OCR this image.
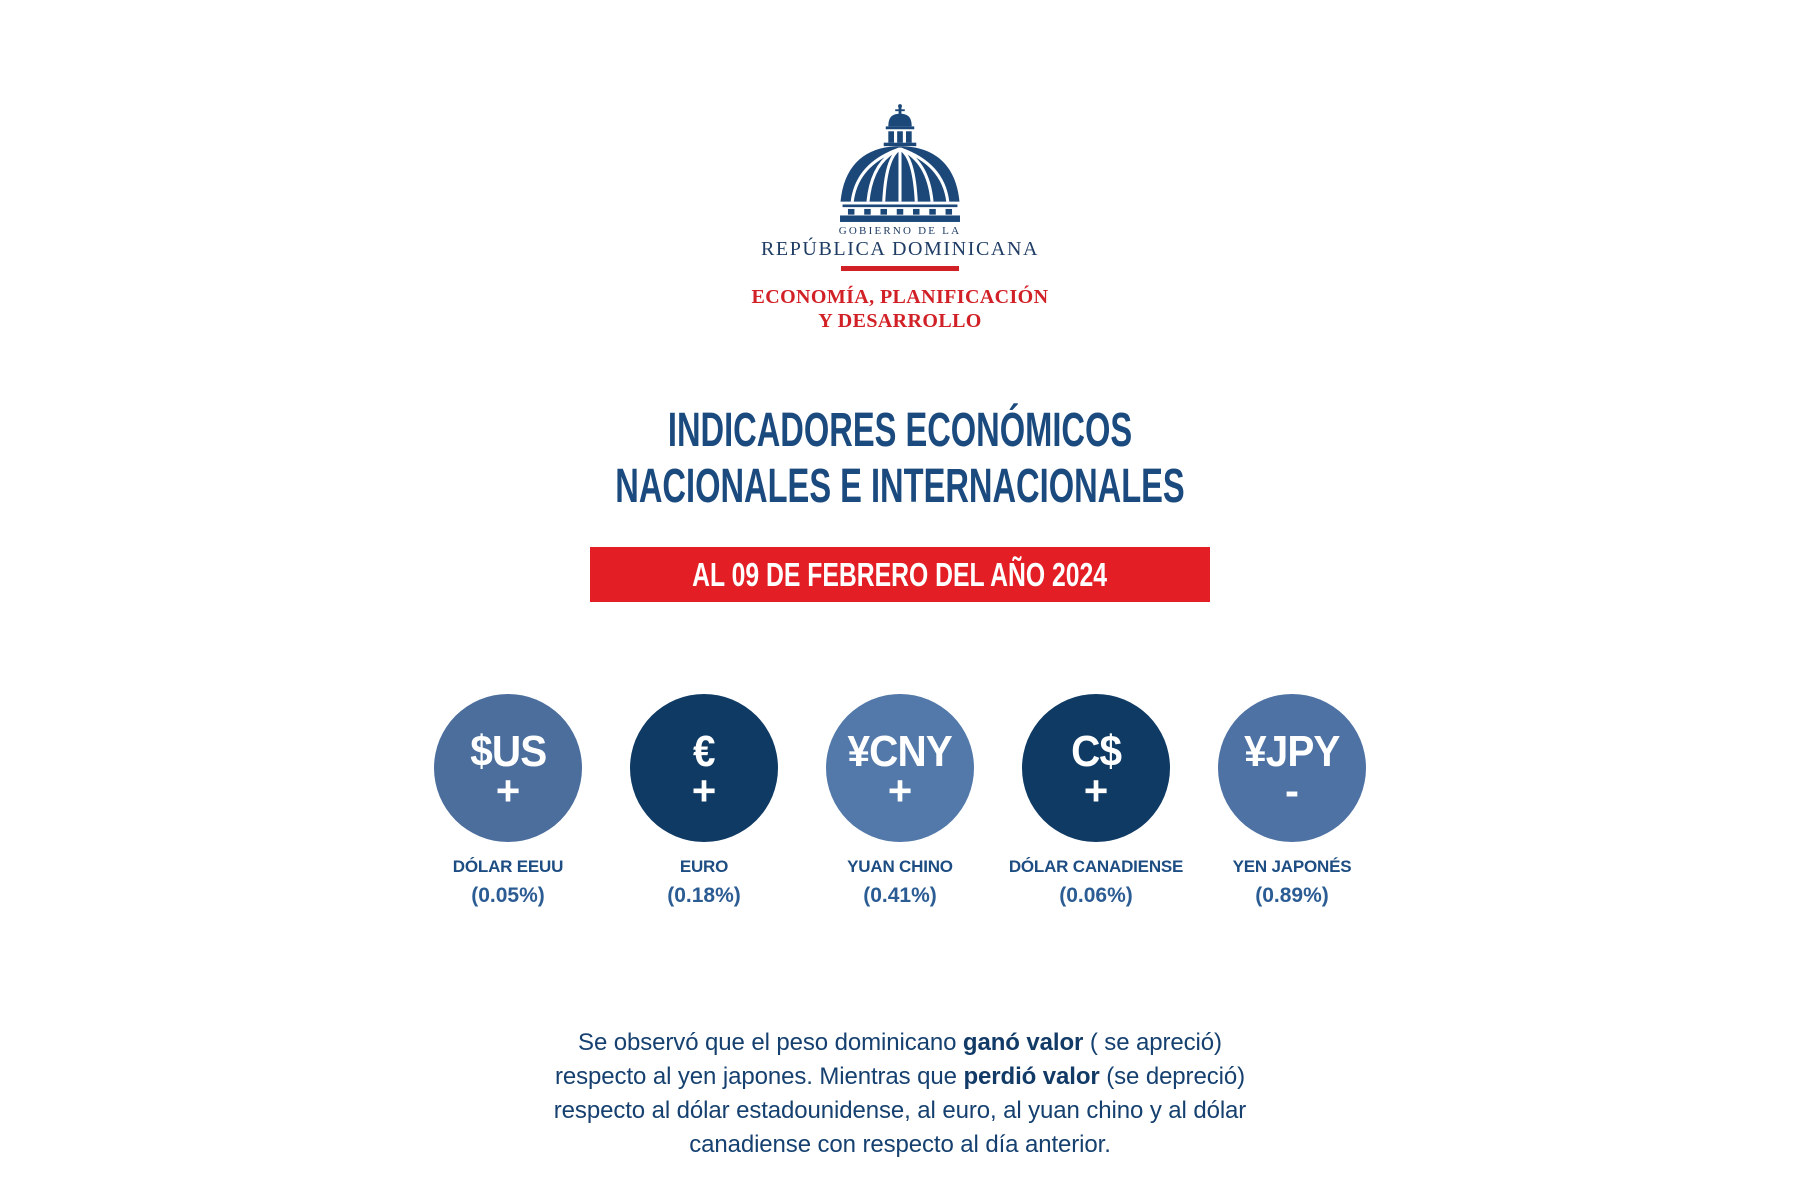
GOBIERNO DE LA
REPÚBLICA DOMINICANA
ECONOMÍA, PLANIFICACIÓN
Y DESARROLLO
INDICADORES ECONÓMICOS
NACIONALES E INTERNACIONALES
AL 09 DE FEBRERO DEL AÑO 2024
$US
+
DÓLAR EEUU
(0.05%)
€
+
EURO
(0.18%)
¥CNY
+
YUAN CHINO
(0.41%)
C$
+
DÓLAR CANADIENSE
(0.06%)
¥JPY
-
YEN JAPONÉS
(0.89%)
Se observó que el peso dominicano ganó valor ( se apreció)
respecto al yen japones. Mientras que perdió valor (se depreció)
respecto al dólar estadounidense, al euro, al yuan chino y al dólar
canadiense con respecto al día anterior.
